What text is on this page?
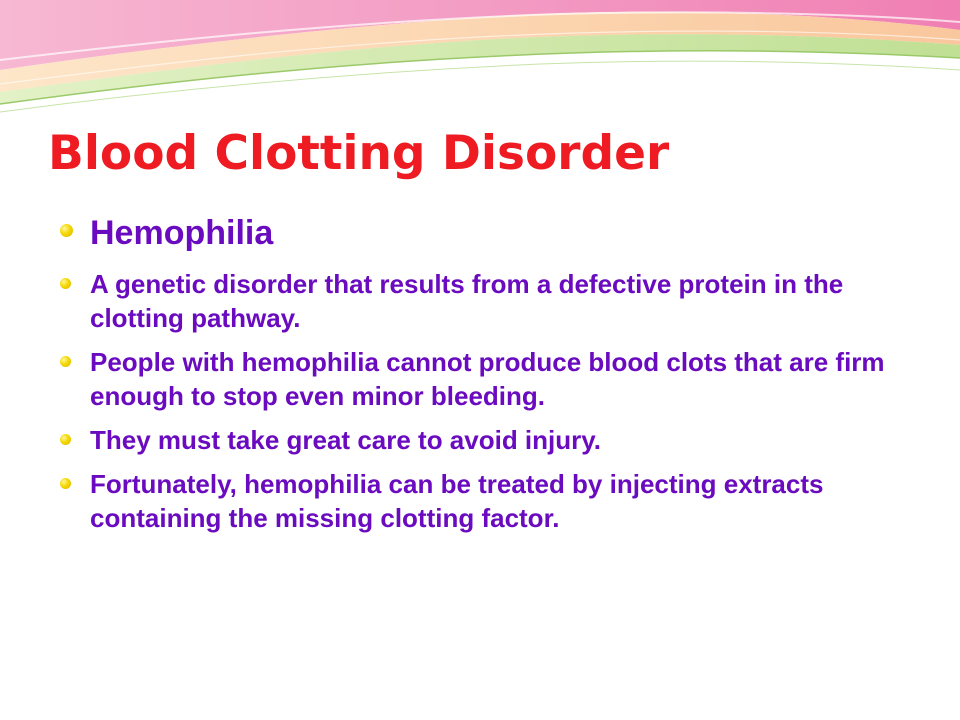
Blood Clotting Disorder
Hemophilia
A genetic disorder that results from a defective protein in the clotting pathway.
People with hemophilia cannot produce blood clots that are firm enough to stop even minor bleeding.
They must take great care to avoid injury.
Fortunately, hemophilia can be treated by injecting extracts containing the missing clotting factor.
